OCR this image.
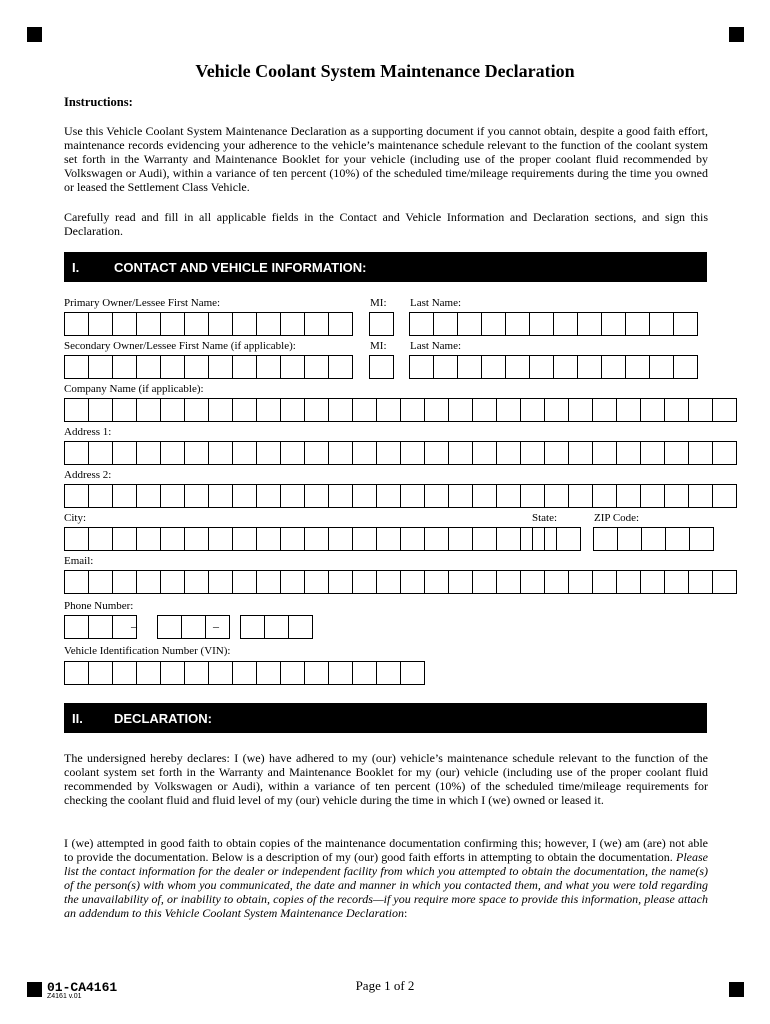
Vehicle Coolant System Maintenance Declaration
Instructions:
Use this Vehicle Coolant System Maintenance Declaration as a supporting document if you cannot obtain, despite a good faith effort, maintenance records evidencing your adherence to the vehicle’s maintenance schedule relevant to the function of the coolant system set forth in the Warranty and Maintenance Booklet for your vehicle (including use of the proper coolant fluid recommended by Volkswagen or Audi), within a variance of ten percent (10%) of the scheduled time/mileage requirements during the time you owned or leased the Settlement Class Vehicle.
Carefully read and fill in all applicable fields in the Contact and Vehicle Information and Declaration sections, and sign this Declaration.
I.	CONTACT AND VEHICLE INFORMATION:
Primary Owner/Lessee First Name:	MI: Last Name:
Secondary Owner/Lessee First Name (if applicable):	MI: Last Name:
Company Name (if applicable):
Address 1:
Address 2:
City:	State:	ZIP Code:
Email:
Phone Number:
–	–
Vehicle Identification Number (VIN):
II. DECLARATION:
The undersigned hereby declares: I (we) have adhered to my (our) vehicle’s maintenance schedule relevant to the function of the coolant system set forth in the Warranty and Maintenance Booklet for my (our) vehicle (including use of the proper coolant fluid recommended by Volkswagen or Audi), within a variance of ten percent (10%) of the scheduled time/mileage requirements for checking the coolant fluid and fluid level of my (our) vehicle during the time in which I (we) owned or leased it.
I (we) attempted in good faith to obtain copies of the maintenance documentation confirming this; however, I (we) am (are) not able to provide the documentation. Below is a description of my (our) good faith efforts in attempting to obtain the documentation. Please list the contact information for the dealer or independent facility from which you attempted to obtain the documentation, the name(s) of the person(s) with whom you communicated, the date and manner in which you contacted them, and what you were told regarding the unavailability of, or inability to obtain, copies of the records—if you require more space to provide this information, please attach an addendum to this Vehicle Coolant System Maintenance Declaration:
01-CA4161
Z4161 v.01
Page 1 of 2
